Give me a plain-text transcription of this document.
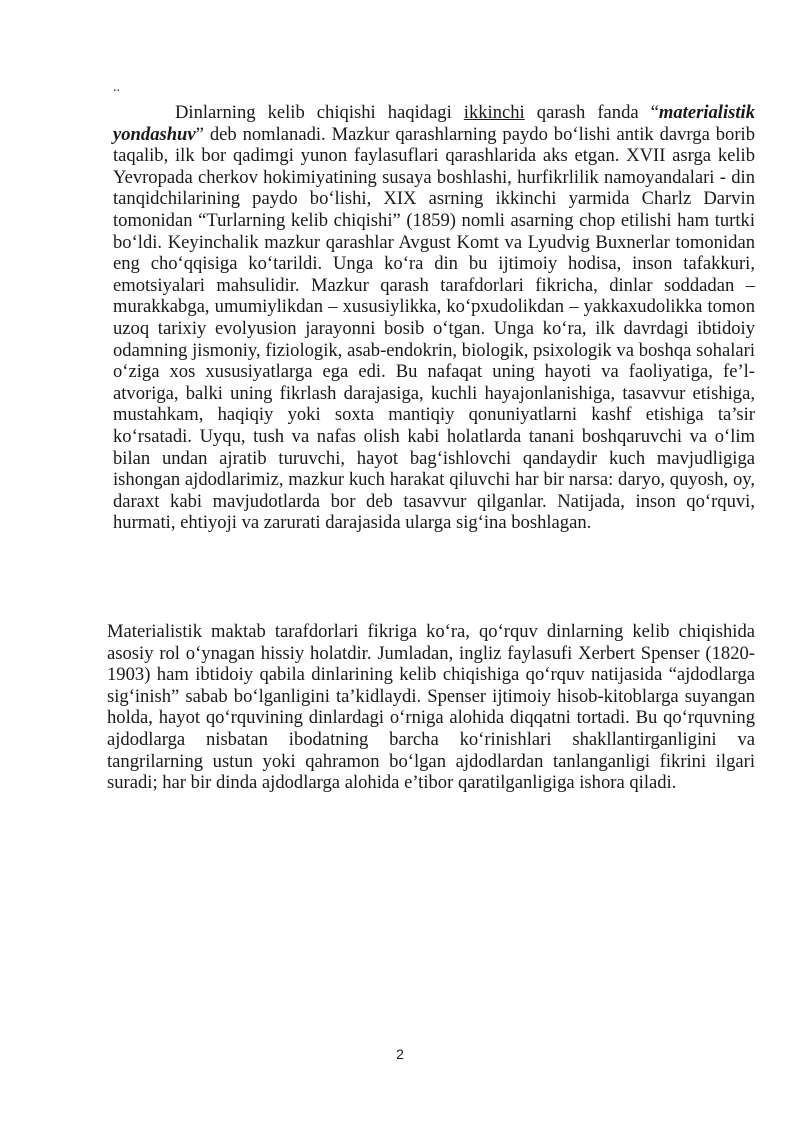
..

Dinlarning kelib chiqishi haqidagi ikkinchi qarash fanda “materialistik yondashuv” deb nomlanadi. Mazkur qarashlarning paydo bo‘lishi antik davrga borib taqalib, ilk bor qadimgi yunon faylasuflari qarashlarida aks etgan. XVII asrga kelib Yevropada cherkov hokimiyatining susaya boshlashi, hurfikrlilik namoyandalari - din tanqidchilarining paydo bo‘lishi, XIX asrning ikkinchi yarmida Charlz Darvin tomonidan “Turlarning kelib chiqishi” (1859) nomli asarning chop etilishi ham turtki bo‘ldi. Keyinchalik mazkur qarashlar Avgust Komt va Lyudvig Buxnerlar tomonidan eng cho‘qqisiga ko‘tarildi. Unga ko‘ra din bu ijtimoiy hodisa, inson tafakkuri, emotsiyalari mahsulidir. Mazkur qarash tarafdorlari fikricha, dinlar soddadan – murakkabga, umumiylikdan – xususiylikka, ko‘pxudolikdan – yakkaxudolikka tomon uzoq tarixiy evolyusion jarayonni bosib o‘tgan. Unga ko‘ra, ilk davrdagi ibtidoiy odamning jismoniy, fiziologik, asab-endokrin, biologik, psixologik va boshqa sohalari o‘ziga xos xususiyatlarga ega edi. Bu nafaqat uning hayoti va faoliyatiga, fe’l-atvoriga, balki uning fikrlash darajasiga, kuchli hayajonlanishiga, tasavvur etishiga, mustahkam, haqiqiy yoki soxta mantiqiy qonuniyatlarni kashf etishiga ta’sir ko‘rsatadi. Uyqu, tush va nafas olish kabi holatlarda tanani boshqaruvchi va o‘lim bilan undan ajratib turuvchi, hayot bag‘ishlovchi qandaydir kuch mavjudligiga ishongan ajdodlarimiz, mazkur kuch harakat qiluvchi har bir narsa: daryo, quyosh, oy, daraxt kabi mavjudotlarda bor deb tasavvur qilganlar. Natijada, inson qo‘rquvi, hurmati, ehtiyoji va zarurati darajasida ularga sig‘ina boshlagan.

Materialistik maktab tarafdorlari fikriga ko‘ra, qo‘rquv dinlarning kelib chiqishida asosiy rol o‘ynagan hissiy holatdir. Jumladan, ingliz faylasufi Xerbert Spenser (1820-1903) ham ibtidoiy qabila dinlarining kelib chiqishiga qo‘rquv natijasida “ajdodlarga sig‘inish” sabab bo‘lganligini ta’kidlaydi. Spenser ijtimoiy hisob-kitoblarga suyangan holda, hayot qo‘rquvining dinlardagi o‘rniga alohida diqqatni tortadi. Bu qo‘rquvning ajdodlarga nisbatan ibodatning barcha ko‘rinishlari shakllantirganligini va tangrilarning ustun yoki qahramon bo‘lgan ajdodlardan tanlanganligi fikrini ilgari suradi; har bir dinda ajdodlarga alohida e’tibor qaratilganligiga ishora qiladi.

2
